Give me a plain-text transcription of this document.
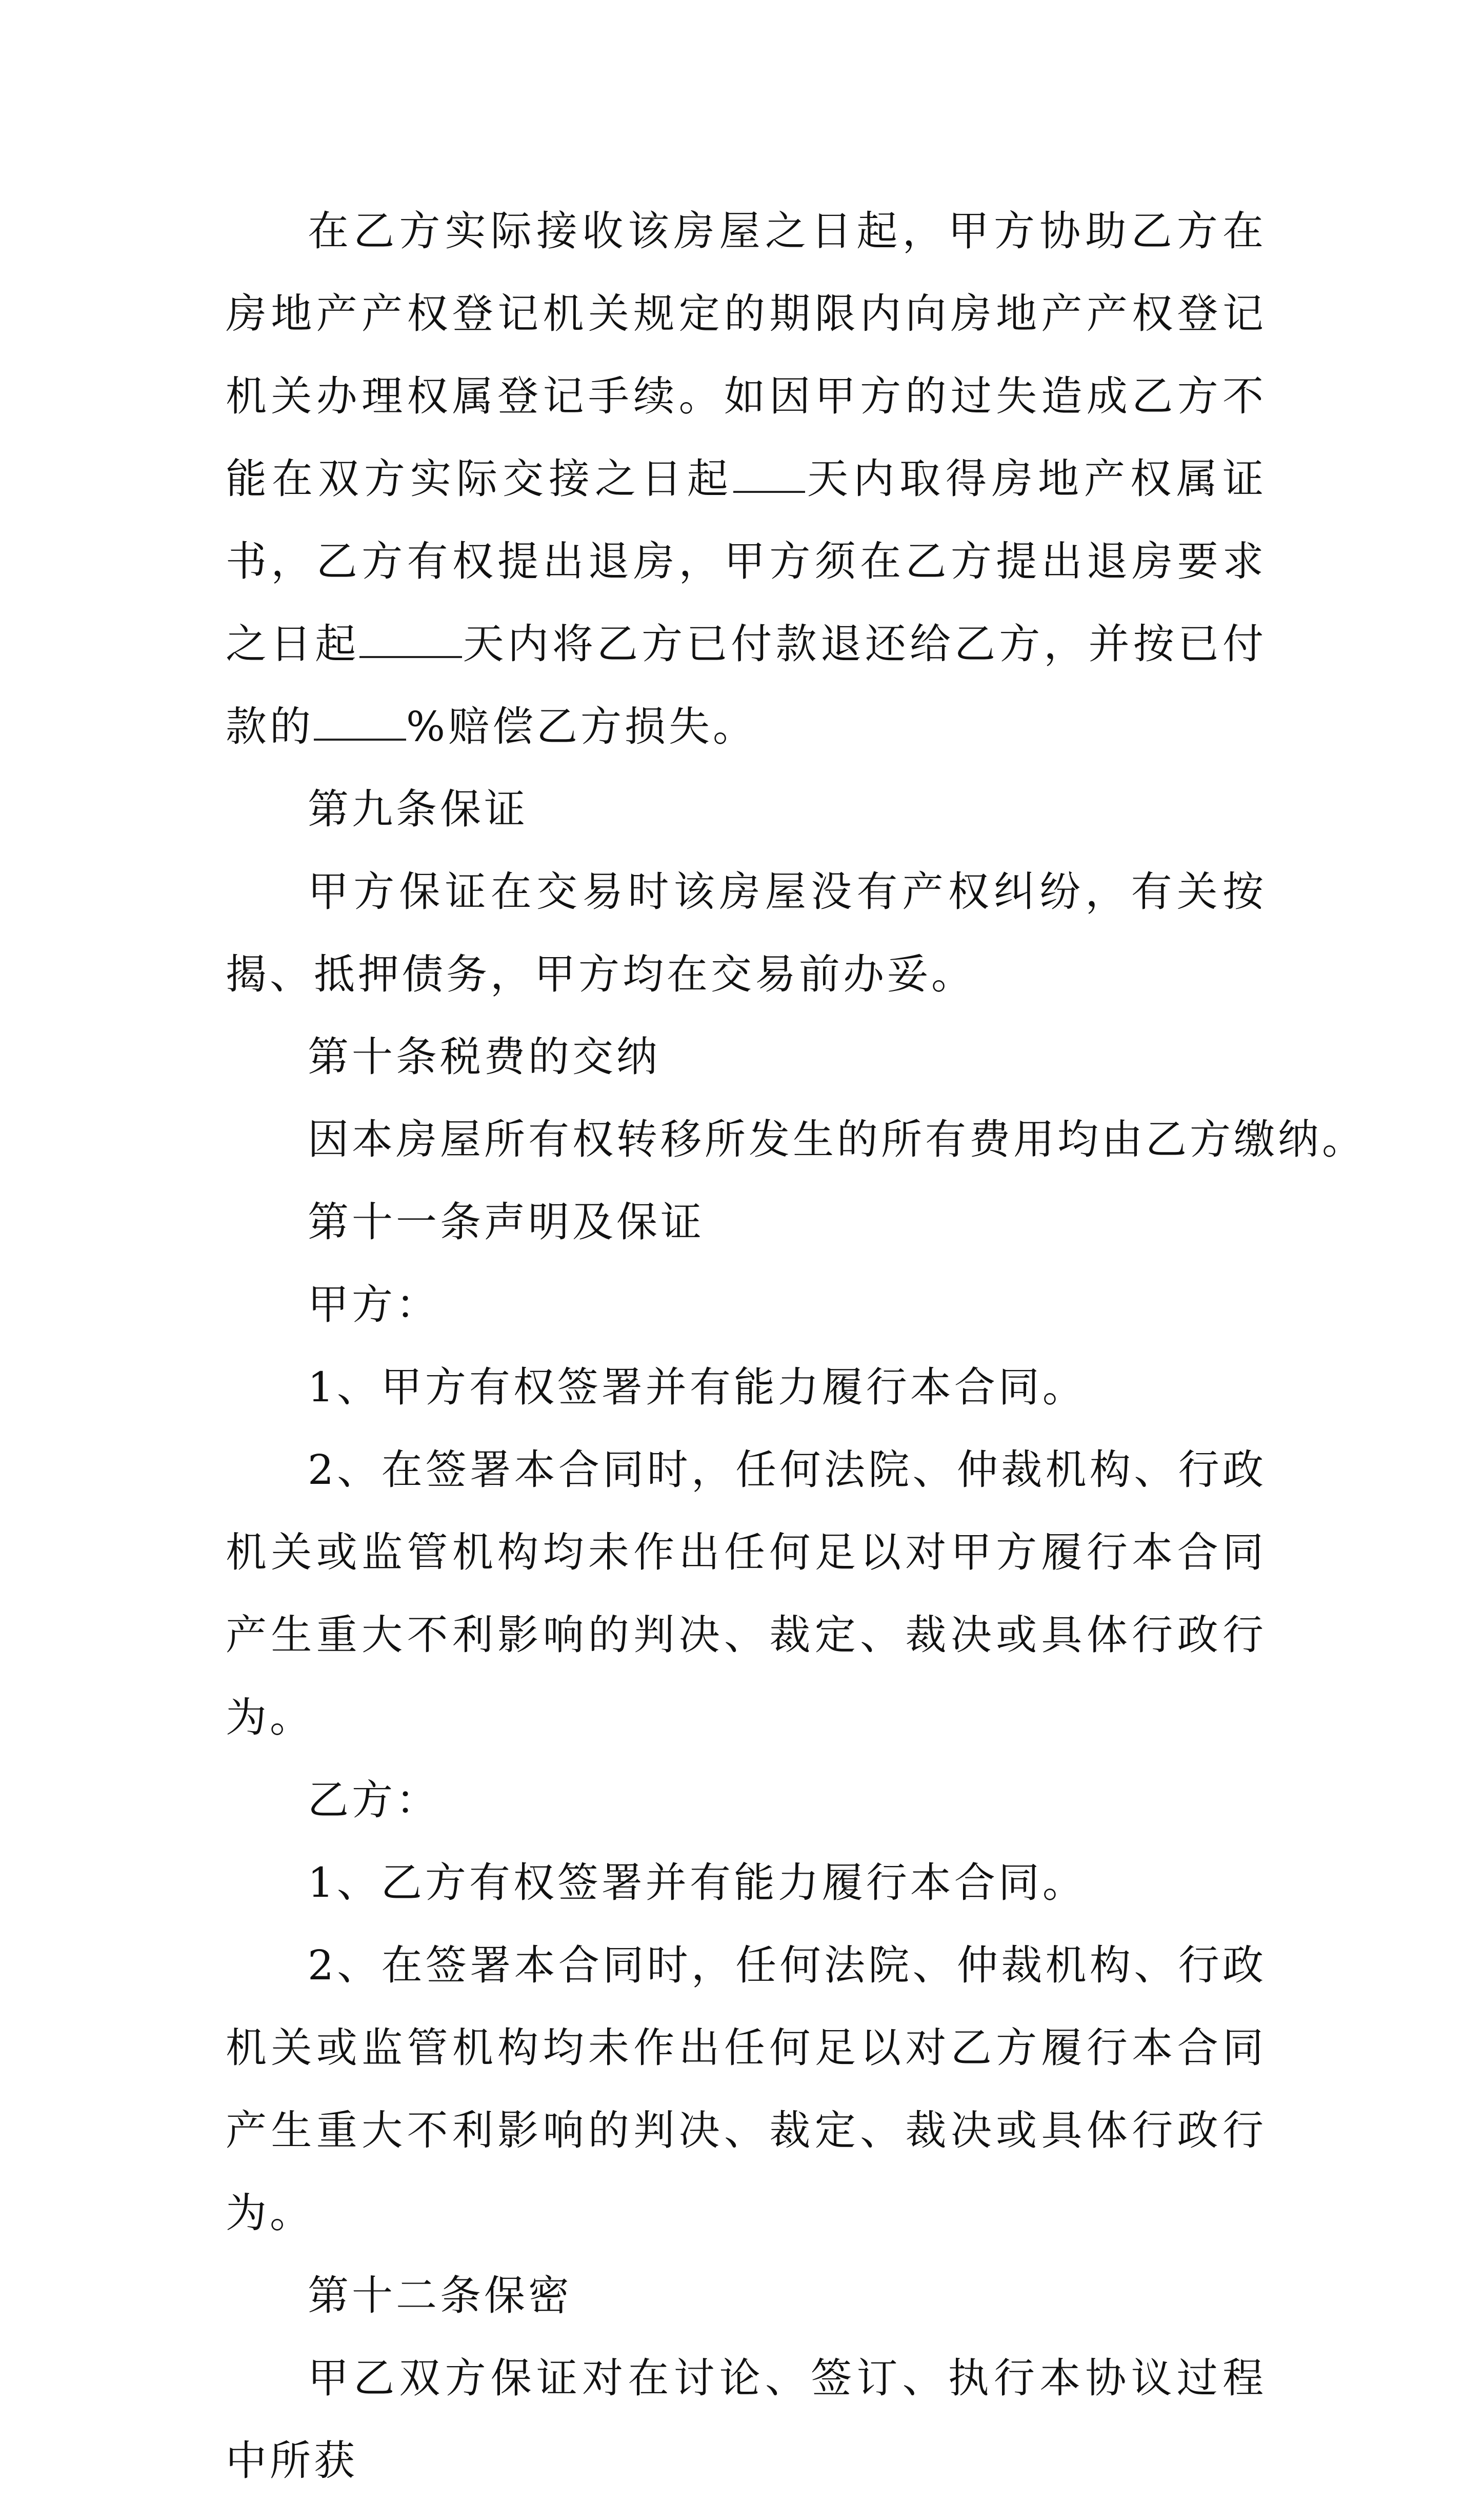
在乙方实际接收该房屋之日起，甲方协助乙方在房地产产权登记机关规定的期限内向房地产产权登记机关办理权属登记手续。如因甲方的过失造成乙方不能在双方实际交接之日起 天内取得房地产权属证书，乙方有权提出退房，甲方须在乙方提出退房要求之日起	天内将乙方已付款退还给乙方，并按已付款的 %赔偿乙方损失。

第九条保证

甲方保证在交易时该房屋没有产权纠纷，有关按揭、抵押债务，甲方均在交易前办妥。

第十条税费的交纳

因本房屋所有权转移所发生的所有费用均由乙方缴纳。

第十一条声明及保证

甲方：

1、甲方有权签署并有能力履行本合同。

2、在签署本合同时，任何法院、仲裁机构、行政机关或监管机构均未作出任何足以对甲方履行本合同产生重大不利影响的判决、裁定、裁决或具体行政行为。

乙方：

1、乙方有权签署并有能力履行本合同。

2、在签署本合同时，任何法院、仲裁机构、行政机关或监管机构均未作出任何足以对乙方履行本合同产生重大不利影响的判决、裁定、裁决或具体行政行为。

第十二条保密

甲乙双方保证对在讨论、签订、执行本协议过程中所获
